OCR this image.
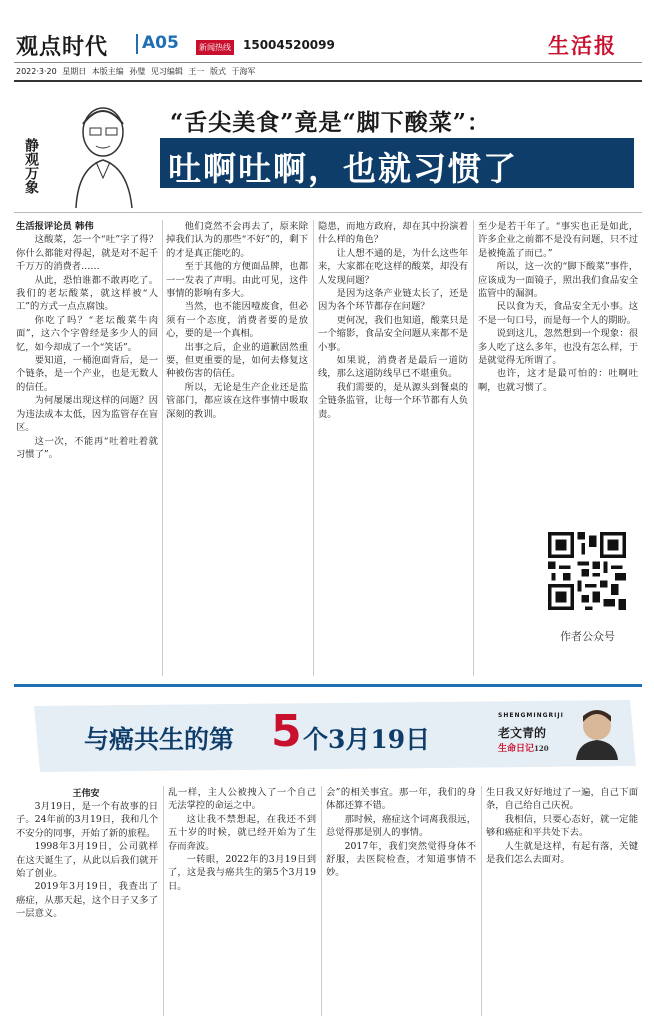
观点时代 A05	新闻热线 15004520099	生活报
2022·3·20 星期日 本版主编 孙璧 见习编辑 王一 版式 于海军
静观万象
“舌尖美食”竟是“脚下酸菜”：
吐啊吐啊，也就习惯了

生活报评论员 韩伟

这酸菜，怎一个“吐”字了得？你什么都能对得起，就是对不起千千万万的消费者……

从此，恐怕谁都不敢再吃了。我们的老坛酸菜，就这样被“人工”的方式一点点腐蚀。

你吃了吗？“老坛酸菜牛肉面”，这六个字曾经是多少人的回忆，如今却成了一个“笑话”。

要知道，一桶泡面背后，是一个链条，是一个产业，也是无数人的信任。

为何屡屡出现这样的问题？因为违法成本太低，因为监管存在盲区。

这一次，不能再“吐着吐着就习惯了”。

他们竟然不会再去了，原来除掉我们认为的那些“不好”的，剩下的才是真正能吃的。

至于其他的方便面品牌，也都一一发表了声明。由此可见，这件事情的影响有多大。

当然，也不能因噎废食，但必须有一个态度，消费者要的是放心，要的是一个真相。

出事之后，企业的道歉固然重要，但更重要的是，如何去修复这种被伤害的信任。

所以，无论是生产企业还是监管部门，都应该在这件事情中吸取深刻的教训。

隐患，而地方政府，却在其中扮演着什么样的角色？

让人想不通的是，为什么这些年来，大家都在吃这样的酸菜，却没有人发现问题？

是因为这条产业链太长了，还是因为各个环节都存在问题？

更何况，我们也知道，酸菜只是一个缩影，食品安全问题从来都不是小事。

如果说，消费者是最后一道防线，那么这道防线早已不堪重负。

我们需要的，是从源头到餐桌的全链条监管，让每一个环节都有人负责。

至少是若干年了。“事实也正是如此，许多企业之前都不是没有问题，只不过是被掩盖了而已。”

所以，这一次的“脚下酸菜”事件，应该成为一面镜子，照出我们食品安全监管中的漏洞。

民以食为天，食品安全无小事。这不是一句口号，而是每一个人的期盼。

说到这儿，忽然想到一个现象：很多人吃了这么多年，也没有怎么样，于是就觉得无所谓了。

也许，这才是最可怕的：吐啊吐啊，也就习惯了。

作者公众号
与癌共生的第 5 个3月19日
SHENGMINGRIJI
老文青的
生命日记120
王伟安

3月19日，是一个有故事的日子。24年前的3月19日，我和几个不安分的同事，开始了新的旅程。

1998年3月19日，公司就样在这天诞生了，从此以后我们就开始了创业。

2019年3月19日，我查出了癌症，从那天起，这个日子又多了一层意义。

乱一样，主人公被拽入了一个自己无法掌控的命运之中。

这让我不禁想起，在我还不到五十岁的时候，就已经开始为了生存而奔波。

一转眼，2022年的3月19日到了，这是我与癌共生的第5个3月19日。

会”的相关事宜。那一年，我们的身体都还算不错。

那时候，癌症这个词离我很远，总觉得那是别人的事情。

2017年，我们突然觉得身体不舒服，去医院检查，才知道事情不妙。

生日我又好好地过了一遍，自己下面条，自己给自己庆祝。

我相信，只要心态好，就一定能够和癌症和平共处下去。

人生就是这样，有起有落，关键是我们怎么去面对。
